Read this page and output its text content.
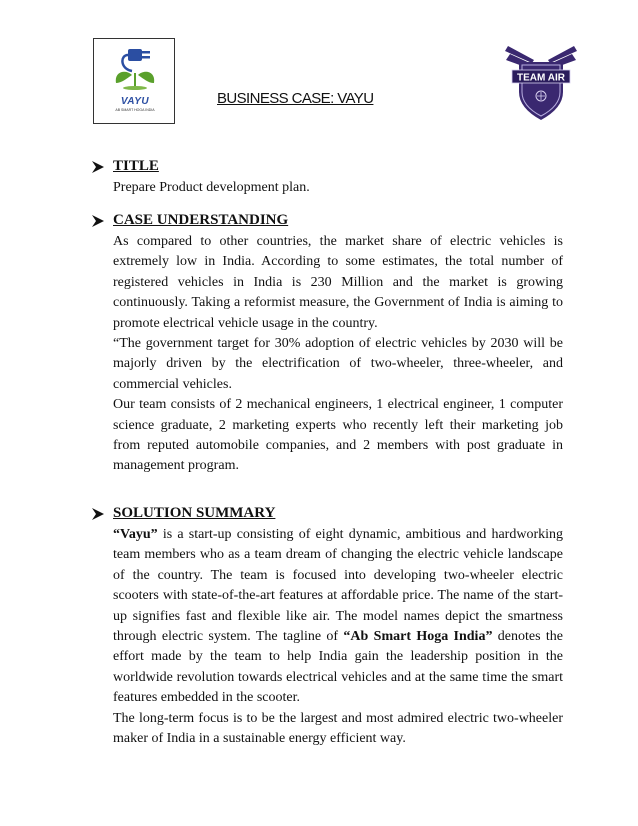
VAYU
AB SMART HOGA INDIA
BUSINESS CASE: VAYU
TEAM AIR
TITLE

Prepare Product development plan.

CASE UNDERSTANDING

As compared to other countries, the market share of electric vehicles is extremely low in India. According to some estimates, the total number of registered vehicles in India is 230 Million and the market is growing continuously. Taking a reformist measure, the Government of India is aiming to promote electrical vehicle usage in the country.

“The government target for 30% adoption of electric vehicles by 2030 will be majorly driven by the electrification of two-wheeler, three-wheeler, and commercial vehicles.

Our team consists of 2 mechanical engineers, 1 electrical engineer, 1 computer science graduate, 2 marketing experts who recently left their marketing job from reputed automobile companies, and 2 members with post graduate in management program.

SOLUTION SUMMARY

“Vayu” is a start-up consisting of eight dynamic, ambitious and hardworking team members who as a team dream of changing the electric vehicle landscape of the country. The team is focused into developing two-wheeler electric scooters with state-of-the-art features at affordable price. The name of the start-up signifies fast and flexible like air. The model names depict the smartness through electric system. The tagline of “Ab Smart Hoga India” denotes the effort made by the team to help India gain the leadership position in the worldwide revolution towards electrical vehicles and at the same time the smart features embedded in the scooter.

The long-term focus is to be the largest and most admired electric two-wheeler maker of India in a sustainable energy efficient way.
